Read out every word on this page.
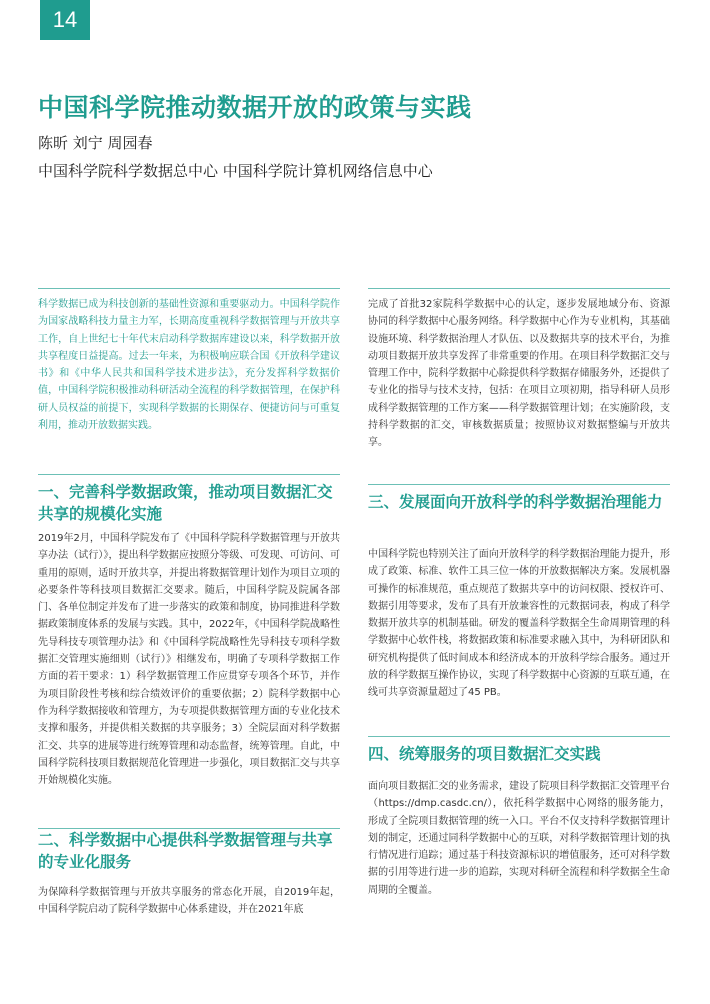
14
中国科学院推动数据开放的政策与实践
陈昕 刘宁 周园春
中国科学院科学数据总中心 中国科学院计算机网络信息中心

科学数据已成为科技创新的基础性资源和重要驱动力。中国科学院作为国家战略科技力量主力军，长期高度重视科学数据管理与开放共享工作，自上世纪七十年代末启动科学数据库建设以来，科学数据开放共享程度日益提高。过去一年来，为积极响应联合国《开放科学建议书》和《中华人民共和国科学技术进步法》，充分发挥科学数据价值，中国科学院积极推动科研活动全流程的科学数据管理，在保护科研人员权益的前提下，实现科学数据的长期保存、便捷访问与可重复利用，推动开放数据实践。

一、完善科学数据政策，推动项目数据汇交共享的规模化实施

2019年2月，中国科学院发布了《中国科学院科学数据管理与开放共享办法（试行）》，提出科学数据应按照分等级、可发现、可访问、可重用的原则，适时开放共享，并提出将数据管理计划作为项目立项的必要条件等科技项目数据汇交要求。随后，中国科学院及院属各部门、各单位制定并发布了进一步落实的政策和制度，协同推进科学数据政策制度体系的发展与实践。其中，2022年，《中国科学院战略性先导科技专项管理办法》和《中国科学院战略性先导科技专项科学数据汇交管理实施细则（试行）》相继发布，明确了专项科学数据工作方面的若干要求：1）科学数据管理工作应贯穿专项各个环节，并作为项目阶段性考核和综合绩效评价的重要依据；2）院科学数据中心作为科学数据接收和管理方，为专项提供数据管理方面的专业化技术支撑和服务，并提供相关数据的共享服务；3）全院层面对科学数据汇交、共享的进展等进行统筹管理和动态监督，统筹管理。自此，中国科学院科技项目数据规范化管理进一步强化，项目数据汇交与共享开始规模化实施。

二、科学数据中心提供科学数据管理与共享的专业化服务

为保障科学数据管理与开放共享服务的常态化开展，自2019年起，中国科学院启动了院科学数据中心体系建设，并在2021年底

完成了首批32家院科学数据中心的认定，逐步发展地域分布、资源协同的科学数据中心服务网络。科学数据中心作为专业机构，其基础设施环境、科学数据治理人才队伍、以及数据共享的技术平台，为推动项目数据开放共享发挥了非常重要的作用。在项目科学数据汇交与管理工作中，院科学数据中心除提供科学数据存储服务外，还提供了专业化的指导与技术支持，包括：在项目立项初期，指导科研人员形成科学数据管理的工作方案——科学数据管理计划；在实施阶段，支持科学数据的汇交，审核数据质量；按照协议对数据整编与开放共享。

三、发展面向开放科学的科学数据治理能力

中国科学院也特别关注了面向开放科学的科学数据治理能力提升，形成了政策、标准、软件工具三位一体的开放数据解决方案。发展机器可操作的标准规范，重点规范了数据共享中的访问权限、授权许可、数据引用等要求，发布了具有开放兼容性的元数据词表，构成了科学数据开放共享的机制基础。研发的覆盖科学数据全生命周期管理的科学数据中心软件栈，将数据政策和标准要求融入其中，为科研团队和研究机构提供了低时间成本和经济成本的开放科学综合服务。通过开放的科学数据互操作协议，实现了科学数据中心资源的互联互通，在线可共享资源量超过了45 PB。

四、统筹服务的项目数据汇交实践

面向项目数据汇交的业务需求，建设了院项目科学数据汇交管理平台（https://dmp.casdc.cn/），依托科学数据中心网络的服务能力，形成了全院项目数据管理的统一入口。平台不仅支持科学数据管理计划的制定，还通过同科学数据中心的互联，对科学数据管理计划的执行情况进行追踪；通过基于科技资源标识的增值服务，还可对科学数据的引用等进行进一步的追踪，实现对科研全流程和科学数据全生命周期的全覆盖。
